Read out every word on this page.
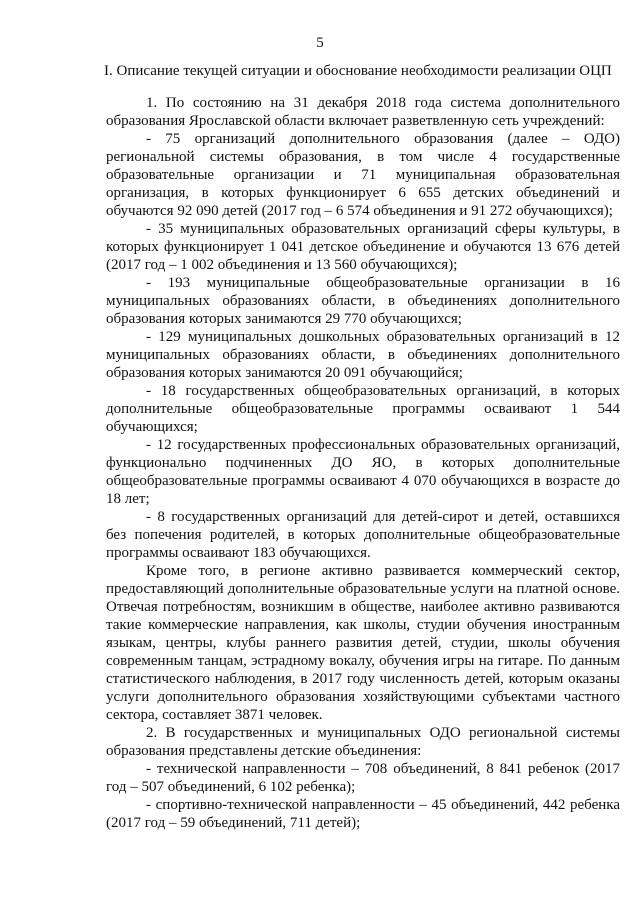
5
I. Описание текущей ситуации и обоснование необходимости реализации ОЦП

1. По состоянию на 31 декабря 2018 года система дополнительного образования Ярославской области включает разветвленную сеть учреждений:

- 75 организаций дополнительного образования (далее – ОДО) региональной системы образования, в том числе 4 государственные образовательные организации и 71 муниципальная образовательная организация, в которых функционирует 6 655 детских объединений и обучаются 92 090 детей (2017 год – 6 574 объединения и 91 272 обучающихся);

- 35 муниципальных образовательных организаций сферы культуры, в которых функционирует 1 041 детское объединение и обучаются 13 676 детей (2017 год – 1 002 объединения и 13 560 обучающихся);

- 193 муниципальные общеобразовательные организации в 16 муниципальных образованиях области, в объединениях дополнительного образования которых занимаются 29 770 обучающихся;

- 129 муниципальных дошкольных образовательных организаций в 12 муниципальных образованиях области, в объединениях дополнительного образования которых занимаются 20 091 обучающийся;

- 18 государственных общеобразовательных организаций, в которых дополнительные общеобразовательные программы осваивают 1 544 обучающихся;

- 12 государственных профессиональных образовательных организаций, функционально подчиненных ДО ЯО, в которых дополнительные общеобразовательные программы осваивают 4 070 обучающихся в возрасте до 18 лет;

- 8 государственных организаций для детей-сирот и детей, оставшихся без попечения родителей, в которых дополнительные общеобразовательные программы осваивают 183 обучающихся.

Кроме того, в регионе активно развивается коммерческий сектор, предоставляющий дополнительные образовательные услуги на платной основе. Отвечая потребностям, возникшим в обществе, наиболее активно развиваются такие коммерческие направления, как школы, студии обучения иностранным языкам, центры, клубы раннего развития детей, студии, школы обучения современным танцам, эстрадному вокалу, обучения игры на гитаре. По данным статистического наблюдения, в 2017 году численность детей, которым оказаны услуги дополнительного образования хозяйствующими субъектами частного сектора, составляет 3871 человек.

2. В государственных и муниципальных ОДО региональной системы образования представлены детские объединения:

- технической направленности – 708 объединений, 8 841 ребенок (2017 год – 507 объединений, 6 102 ребенка);

- спортивно-технической направленности – 45 объединений, 442 ребенка (2017 год – 59 объединений, 711 детей);
